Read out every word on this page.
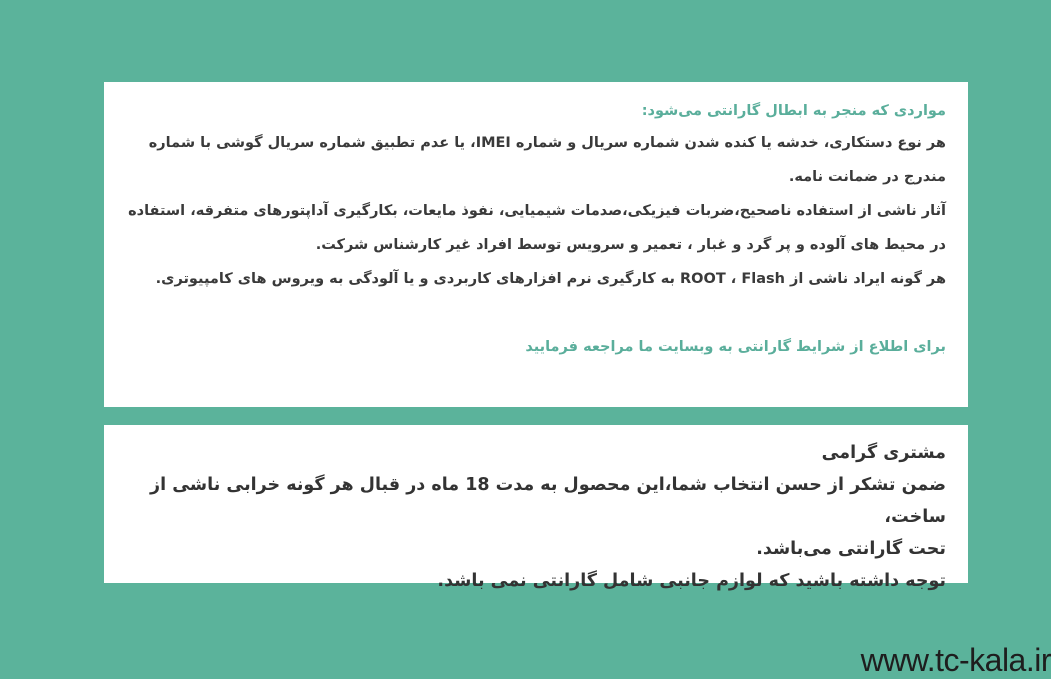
مواردی که منجر به ابطال گارانتی می‌شود:

هر نوع دستکاری، خدشه یا کنده شدن شماره سریال و شماره IMEI، یا عدم تطبیق شماره سریال گوشی با شماره

مندرج در ضمانت نامه.

آثار ناشی از استفاده ناصحیح،ضربات فیزیکی،صدمات شیمیایی، نفوذ مایعات، بکارگیری آداپتورهای متفرقه، استفاده

در محیط های آلوده و پر گرد و غبار ، تعمیر و سرویس توسط افراد غیر کارشناس شرکت.

هر گونه ایراد ناشی از ROOT ، Flash به کارگیری نرم افزارهای کاربردی و یا آلودگی به ویروس های کامپیوتری.

برای اطلاع از شرایط گارانتی به وبسایت ما مراجعه فرمایید

مشتری گرامی

ضمن تشکر از حسن انتخاب شما،این محصول به مدت 18 ماه در قبال هر گونه خرابی ناشی از ساخت،

تحت گارانتی می‌باشد.

توجه داشته باشید که لوازم جانبی شامل گارانتی نمی باشد.

www.tc-kala.ir
